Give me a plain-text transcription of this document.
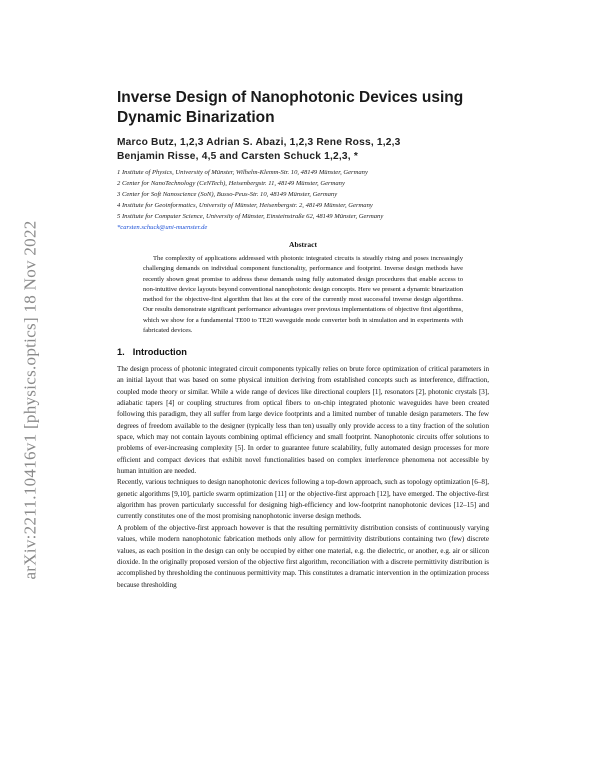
arXiv:2211.10416v1 [physics.optics] 18 Nov 2022
Inverse Design of Nanophotonic Devices using Dynamic Binarization
Marco Butz, 1,2,3 Adrian S. Abazi, 1,2,3 Rene Ross, 1,2,3
Benjamin Risse, 4,5 and Carsten Schuck 1,2,3, *
1 Institute of Physics, University of Münster, Wilhelm-Klemm-Str. 10, 48149 Münster, Germany
2 Center for NanoTechnology (CeNTech), Heisenbergstr. 11, 48149 Münster, Germany
3 Center for Soft Nanoscience (SoN), Busso-Peus-Str. 10, 48149 Münster, Germany
4 Institute for Geoinformatics, University of Münster, Heisenbergstr. 2, 48149 Münster, Germany
5 Institute for Computer Science, University of Münster, Einsteinstraße 62, 48149 Münster, Germany
*carsten.schuck@uni-muenster.de
Abstract
The complexity of applications addressed with photonic integrated circuits is steadily rising and poses increasingly challenging demands on individual component functionality, performance and footprint. Inverse design methods have recently shown great promise to address these demands using fully automated design procedures that enable access to non-intuitive device layouts beyond conventional nanophotonic design concepts. Here we present a dynamic binarization method for the objective-first algorithm that lies at the core of the currently most successful inverse design algorithms. Our results demonstrate significant performance advantages over previous implementations of objective first algorithms, which we show for a fundamental TE00 to TE20 waveguide mode converter both in simulation and in experiments with fabricated devices.
1. Introduction

The design process of photonic integrated circuit components typically relies on brute force optimization of critical parameters in an initial layout that was based on some physical intuition deriving from established concepts such as interference, diffraction, coupled mode theory or similar. While a wide range of devices like directional couplers [1], resonators [2], photonic crystals [3], adiabatic tapers [4] or coupling structures from optical fibers to on-chip integrated photonic waveguides have been created following this paradigm, they all suffer from large device footprints and a limited number of tunable design parameters. The few degrees of freedom available to the designer (typically less than ten) usually only provide access to a tiny fraction of the solution space, which may not contain layouts combining optimal efficiency and small footprint. Nanophotonic circuits offer solutions to problems of ever-increasing complexity [5]. In order to guarantee future scalability, fully automated design processes for more efficient and compact devices that exhibit novel functionalities based on complex interference phenomena not accessible by human intuition are needed.

Recently, various techniques to design nanophotonic devices following a top-down approach, such as topology optimization [6–8], genetic algorithms [9,10], particle swarm optimization [11] or the objective-first approach [12], have emerged. The objective-first algorithm has proven particularly successful for designing high-efficiency and low-footprint nanophotonic devices [12–15] and currently constitutes one of the most promising nanophotonic inverse design methods.

A problem of the objective-first approach however is that the resulting permittivity distribution consists of continuously varying values, while modern nanophotonic fabrication methods only allow for permittivity distributions containing two (few) discrete values, as each position in the design can only be occupied by either one material, e.g. the dielectric, or another, e.g. air or silicon dioxide. In the originally proposed version of the objective first algorithm, reconciliation with a discrete permittivity distribution is accomplished by thresholding the continuous permittivity map. This constitutes a dramatic intervention in the optimization process because thresholding
